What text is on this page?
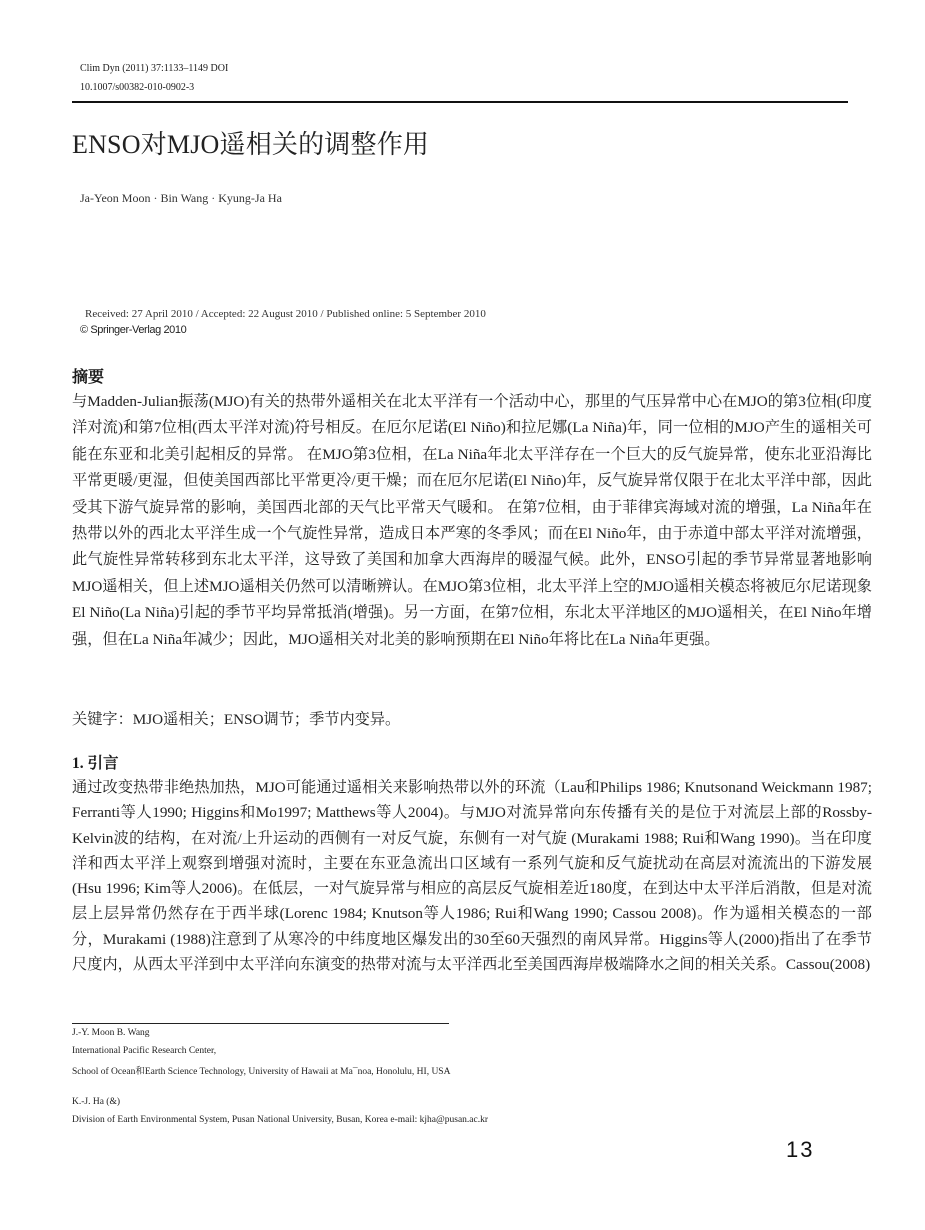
Clim Dyn (2011) 37:1133–1149 DOI
10.1007/s00382-010-0902-3
ENSO对MJO遥相关的调整作用
Ja-Yeon Moon · Bin Wang · Kyung-Ja Ha
Received: 27 April 2010 / Accepted: 22 August 2010 / Published online: 5 September 2010
© Springer-Verlag 2010
摘要
与Madden-Julian振荡(MJO)有关的热带外遥相关在北太平洋有一个活动中心，那里的气压异常中心在MJO的第3位相(印度洋对流)和第7位相(西太平洋对流)符号相反。在厄尔尼诺(El Niño)和拉尼娜(La Niña)年，同一位相的MJO产生的遥相关可能在东亚和北美引起相反的异常。 在MJO第3位相，在La Niña年北太平洋存在一个巨大的反气旋异常，使东北亚沿海比平常更暖/更湿，但使美国西部比平常更冷/更干燥；而在厄尔尼诺(El Niño)年，反气旋异常仅限于在北太平洋中部，因此受其下游气旋异常的影响，美国西北部的天气比平常天气暖和。 在第7位相，由于菲律宾海域对流的增强，La Niña年在热带以外的西北太平洋生成一个气旋性异常，造成日本严寒的冬季风；而在El Niño年，由于赤道中部太平洋对流增强，此气旋性异常转移到东北太平洋，这导致了美国和加拿大西海岸的暖湿气候。此外，ENSO引起的季节异常显著地影响MJO遥相关，但上述MJO遥相关仍然可以清晰辨认。在MJO第3位相，北太平洋上空的MJO遥相关模态将被厄尔尼诺现象El Niño(La Niña)引起的季节平均异常抵消(增强)。另一方面，在第7位相，东北太平洋地区的MJO遥相关，在El Niño年增强，但在La Niña年减少；因此，MJO遥相关对北美的影响预期在El Niño年将比在La Niña年更强。
关键字：MJO遥相关；ENSO调节；季节内变异。
1. 引言
通过改变热带非绝热加热，MJO可能通过遥相关来影响热带以外的环流（Lau和Philips 1986; Knutsonand Weickmann 1987; Ferranti等人1990; Higgins和Mo1997; Matthews等人2004)。与MJO对流异常向东传播有关的是位于对流层上部的Rossby-Kelvin波的结构，在对流/上升运动的西侧有一对反气旋，东侧有一对气旋 (Murakami 1988; Rui和Wang 1990)。当在印度洋和西太平洋上观察到增强对流时，主要在东亚急流出口区域有一系列气旋和反气旋扰动在高层对流流出的下游发展(Hsu 1996; Kim等人2006)。在低层，一对气旋异常与相应的高层反气旋相差近180度，在到达中太平洋后消散，但是对流层上层异常仍然存在于西半球(Lorenc 1984; Knutson等人1986; Rui和Wang 1990; Cassou 2008)。作为遥相关模态的一部分，Murakami (1988)注意到了从寒冷的中纬度地区爆发出的30至60天强烈的南风异常。Higgins等人(2000)指出了在季节尺度内，从西太平洋到中太平洋向东演变的热带对流与太平洋西北至美国西海岸极端降水之间的相关关系。Cassou(2008)
J.-Y. Moon B. Wang
International Pacific Research Center,
School of Ocean和Earth Science Technology, University of Hawaii at Ma¯noa, Honolulu, HI, USA
K.-J. Ha (&)
Division of Earth Environmental System, Pusan National University, Busan, Korea e-mail: kjha@pusan.ac.kr
13
